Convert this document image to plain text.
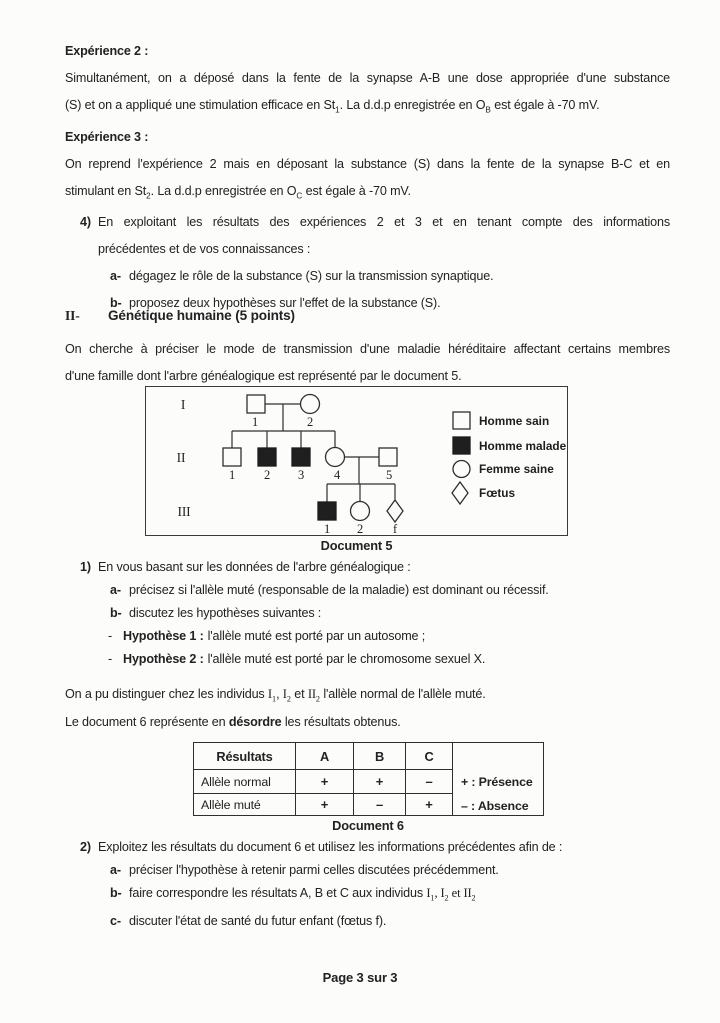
Expérience 2 :
Simultanément, on a déposé dans la fente de la synapse A-B une dose appropriée d'une substance
(S) et on a appliqué une stimulation efficace en $St_1$. La d.d.p enregistrée en $O_B$ est égale à -70 mV.
Expérience 3 :
On reprend l'expérience 2 mais en déposant la substance (S) dans la fente de la synapse B-C et en
stimulant en $St_2$. La d.d.p enregistrée en $O_C$ est égale à -70 mV.
4) En exploitant les résultats des expériences 2 et 3 et en tenant compte des informations
précédentes et de vos connaissances :
a- dégagez le rôle de la substance (S) sur la transmission synaptique.
b- proposez deux hypothèses sur l'effet de la substance (S).
II- Génétique humaine (5 points)
On cherche à préciser le mode de transmission d'une maladie héréditaire affectant certains membres
d'une famille dont l'arbre généalogique est représenté par le document 5.
I
II
III
1	2
1 2 3 4	5
1 2 f
Homme sain
Homme malade
Femme saine
Fœtus
Document 5
1) En vous basant sur les données de l'arbre généalogique :
a- précisez si l'allèle muté (responsable de la maladie) est dominant ou récessif.
b- discutez les hypothèses suivantes :
- Hypothèse 1 : l'allèle muté est porté par un autosome ;
- Hypothèse 2 : l'allèle muté est porté par le chromosome sexuel X.
On a pu distinguer chez les individus $I_1$, $I_2$ et $II_2$ l'allèle normal de l'allèle muté.
Le document 6 représente en désordre les résultats obtenus.
Résultats	A	B	C	+ : Présence
– : Absence

Allèle normal	+	+	–	
Allèle muté	+	–	+	
Document 6
2) Exploitez les résultats du document 6 et utilisez les informations précédentes afin de :
a- préciser l'hypothèse à retenir parmi celles discutées précédemment.
b- faire correspondre les résultats A, B et C aux individus $I_1$, $I_2$ et $II_2$
c- discuter l'état de santé du futur enfant (fœtus f).
Page 3 sur 3
